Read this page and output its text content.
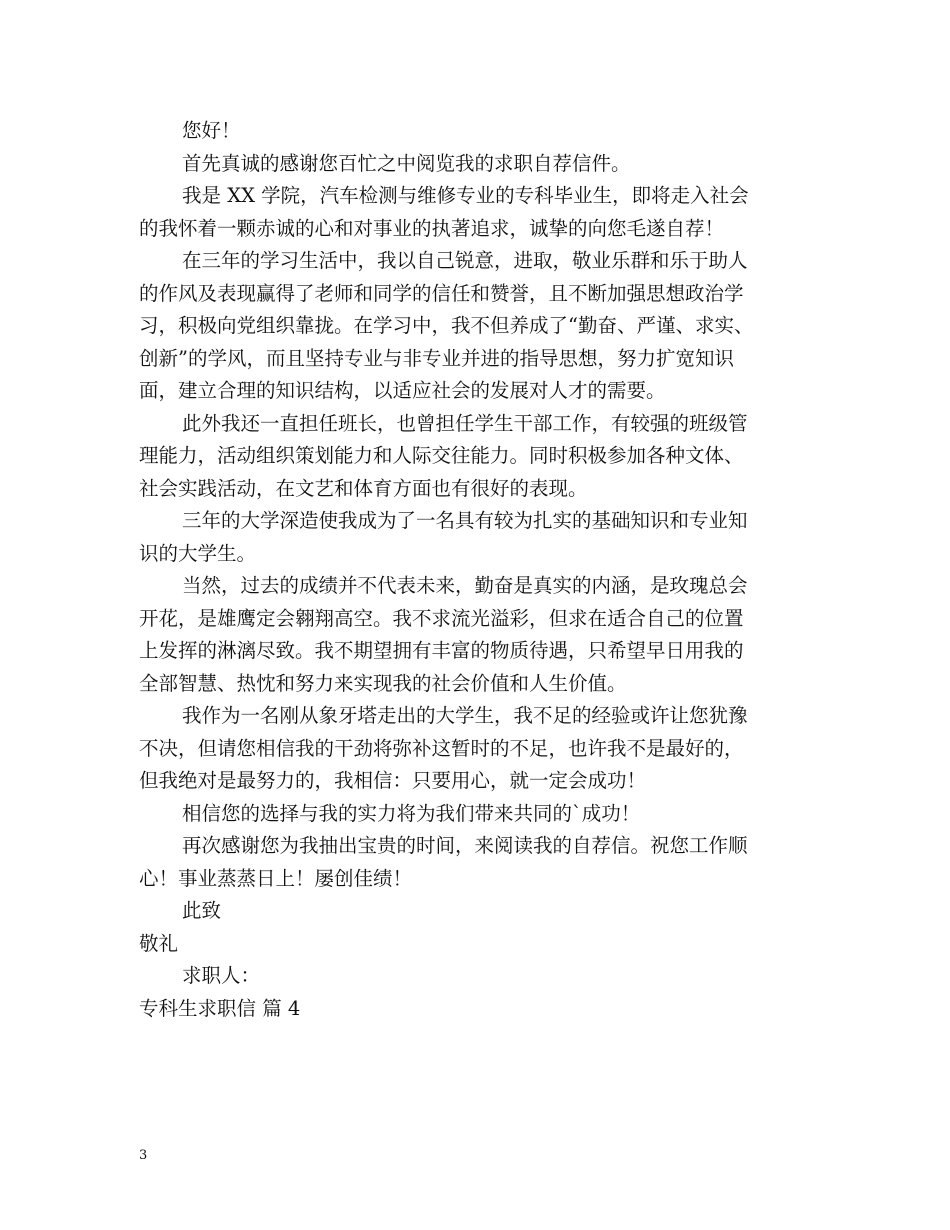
您好！
首先真诚的感谢您百忙之中阅览我的求职自荐信件。
我是 XX 学院，汽车检测与维修专业的专科毕业生，即将走入社会
的我怀着一颗赤诚的心和对事业的执著追求，诚挚的向您毛遂自荐！
在三年的学习生活中，我以自己锐意，进取，敬业乐群和乐于助人
的作风及表现赢得了老师和同学的信任和赞誉，且不断加强思想政治学
习，积极向党组织靠拢。在学习中，我不但养成了“勤奋、严谨、求实、
创新”的学风，而且坚持专业与非专业并进的指导思想，努力扩宽知识
面，建立合理的知识结构，以适应社会的发展对人才的需要。
此外我还一直担任班长，也曾担任学生干部工作，有较强的班级管
理能力，活动组织策划能力和人际交往能力。同时积极参加各种文体、
社会实践活动，在文艺和体育方面也有很好的表现。
三年的大学深造使我成为了一名具有较为扎实的基础知识和专业知
识的大学生。
当然，过去的成绩并不代表未来，勤奋是真实的内涵，是玫瑰总会
开花，是雄鹰定会翱翔高空。我不求流光溢彩，但求在适合自己的位置
上发挥的淋漓尽致。我不期望拥有丰富的物质待遇，只希望早日用我的
全部智慧、热忱和努力来实现我的社会价值和人生价值。
我作为一名刚从象牙塔走出的大学生，我不足的经验或许让您犹豫
不决，但请您相信我的干劲将弥补这暂时的不足，也许我不是最好的，
但我绝对是最努力的，我相信：只要用心，就一定会成功！
相信您的选择与我的实力将为我们带来共同的`成功！
再次感谢您为我抽出宝贵的时间，来阅读我的自荐信。祝您工作顺
心！事业蒸蒸日上！屡创佳绩！
此致
敬礼
求职人：
专科生求职信 篇 4
3
